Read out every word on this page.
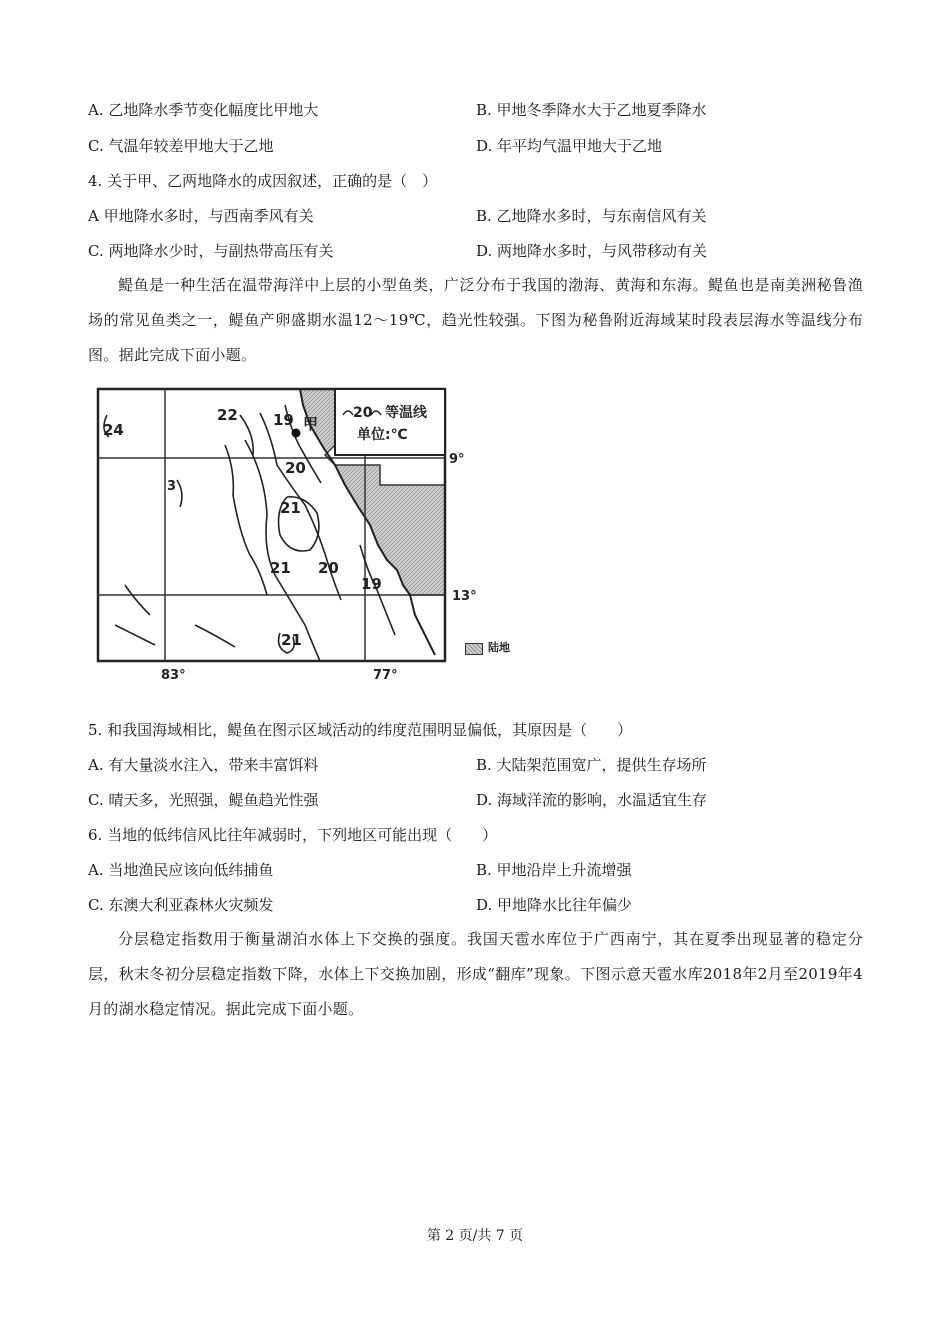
A. 乙地降水季节变化幅度比甲地大	B. 甲地冬季降水大于乙地夏季降水
C. 气温年较差甲地大于乙地	D. 年平均气温甲地大于乙地
4. 关于甲、乙两地降水的成因叙述，正确的是（　）
A 甲地降水多时，与西南季风有关	B. 乙地降水多时，与东南信风有关
C. 两地降水少时，与副热带高压有关	D. 两地降水多时，与风带移动有关

鳀鱼是一种生活在温带海洋中上层的小型鱼类，广泛分布于我国的渤海、黄海和东海。鳀鱼也是南美洲秘鲁渔场的常见鱼类之一，鳀鱼产卵盛期水温12～19℃，趋光性较强。下图为秘鲁附近海域某时段表层海水等温线分布图。据此完成下面小题。

24
22 19
20
3
21
21 20
19
21
甲
20 等温线
单位:℃
9°
13°
83°	77°
陆地
5. 和我国海域相比，鳀鱼在图示区域活动的纬度范围明显偏低，其原因是（　　）
A. 有大量淡水注入，带来丰富饵料	B. 大陆架范围宽广，提供生存场所
C. 晴天多，光照强，鳀鱼趋光性强	D. 海域洋流的影响，水温适宜生存
6. 当地的低纬信风比往年减弱时，下列地区可能出现（　　）
A. 当地渔民应该向低纬捕鱼	B. 甲地沿岸上升流增强
C. 东澳大利亚森林火灾频发	D. 甲地降水比往年偏少

分层稳定指数用于衡量湖泊水体上下交换的强度。我国天雹水库位于广西南宁，其在夏季出现显著的稳定分层，秋末冬初分层稳定指数下降，水体上下交换加剧，形成“翻库”现象。下图示意天雹水库2018年2月至2019年4月的湖水稳定情况。据此完成下面小题。

第 2 页/共 7 页
